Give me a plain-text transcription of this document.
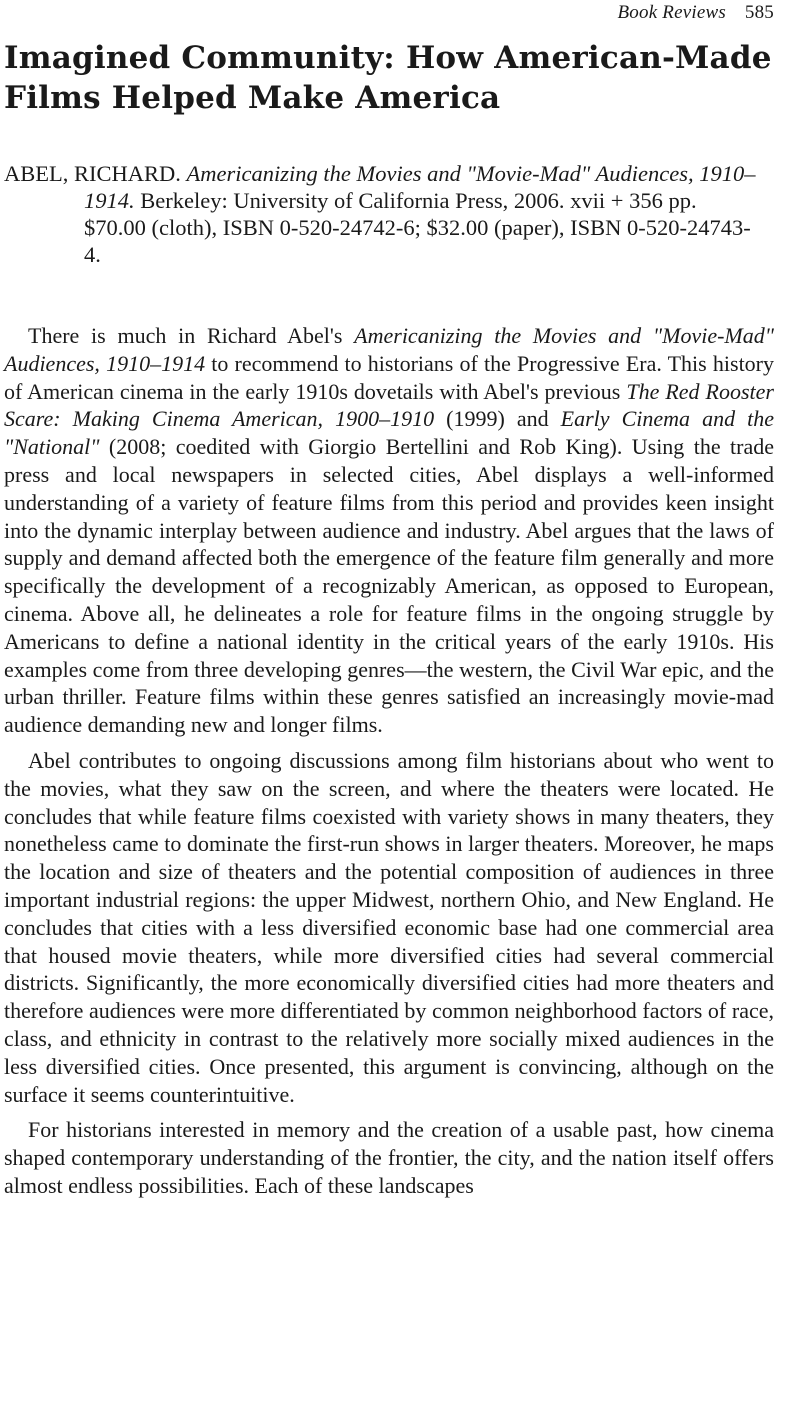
Book Reviews 585
Imagined Community: How American-Made Films Helped Make America

ABEL, RICHARD. Americanizing the Movies and "Movie-Mad" Audiences, 1910–1914. Berkeley: University of California Press, 2006. xvii + 356 pp. $70.00 (cloth), ISBN 0-520-24742-6; $32.00 (paper), ISBN 0-520-24743-4.

There is much in Richard Abel's Americanizing the Movies and "Movie-Mad" Audiences, 1910–1914 to recommend to historians of the Progressive Era. This history of American cinema in the early 1910s dovetails with Abel's previous The Red Rooster Scare: Making Cinema American, 1900–1910 (1999) and Early Cinema and the "National" (2008; coedited with Giorgio Bertellini and Rob King). Using the trade press and local newspapers in selected cities, Abel displays a well-informed understanding of a variety of feature films from this period and provides keen insight into the dynamic interplay between audience and industry. Abel argues that the laws of supply and demand affected both the emergence of the feature film generally and more specifically the development of a recognizably American, as opposed to European, cinema. Above all, he delineates a role for feature films in the ongoing struggle by Americans to define a national identity in the critical years of the early 1910s. His examples come from three developing genres—the western, the Civil War epic, and the urban thriller. Feature films within these genres satisfied an increasingly movie-mad audience demanding new and longer films.

Abel contributes to ongoing discussions among film historians about who went to the movies, what they saw on the screen, and where the theaters were located. He concludes that while feature films coexisted with variety shows in many theaters, they nonetheless came to dominate the first-run shows in larger theaters. Moreover, he maps the location and size of theaters and the potential composition of audiences in three important industrial regions: the upper Midwest, northern Ohio, and New England. He concludes that cities with a less diversified economic base had one commercial area that housed movie theaters, while more diversified cities had several commercial districts. Significantly, the more economically diversified cities had more theaters and therefore audiences were more differentiated by common neighborhood factors of race, class, and ethnicity in contrast to the relatively more socially mixed audiences in the less diversified cities. Once presented, this argument is convincing, although on the surface it seems counterintuitive.

For historians interested in memory and the creation of a usable past, how cinema shaped contemporary understanding of the frontier, the city, and the nation itself offers almost endless possibilities. Each of these landscapes
